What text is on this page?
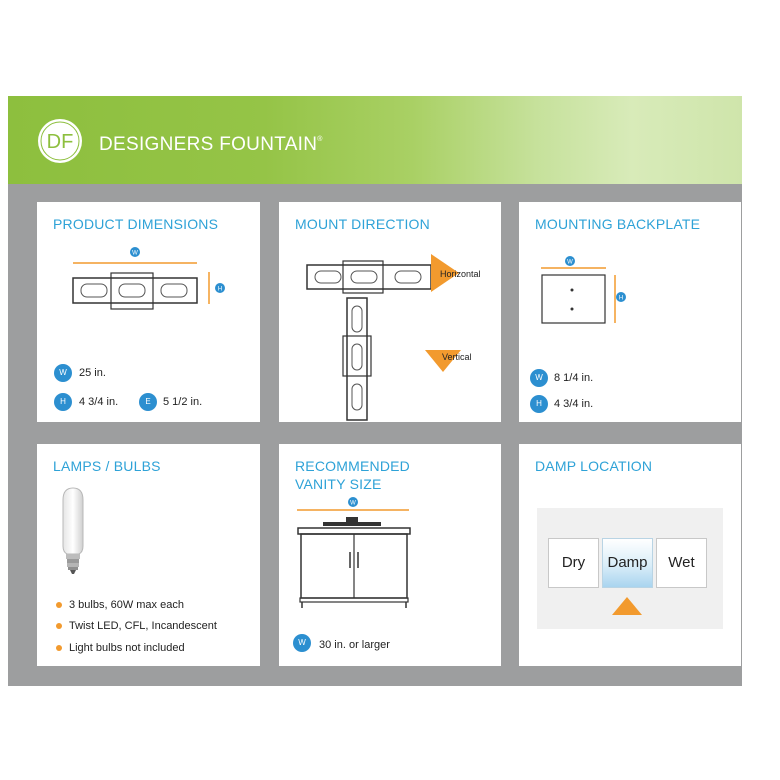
DF DESIGNERS FOUNTAIN®
PRODUCT DIMENSIONS
W
H
W	25 in.
H	4 3/4 in.	E	5 1/2 in.
MOUNT DIRECTION
Horizontal
Vertical
MOUNTING BACKPLATE
W
H
W	8 1/4 in.
H	4 3/4 in.
LAMPS / BULBS
3 bulbs, 60W max each
Twist LED, CFL, Incandescent
Light bulbs not included
RECOMMENDED
VANITY SIZE
W
W	30 in. or larger
DAMP LOCATION
Dry	Damp	Wet
